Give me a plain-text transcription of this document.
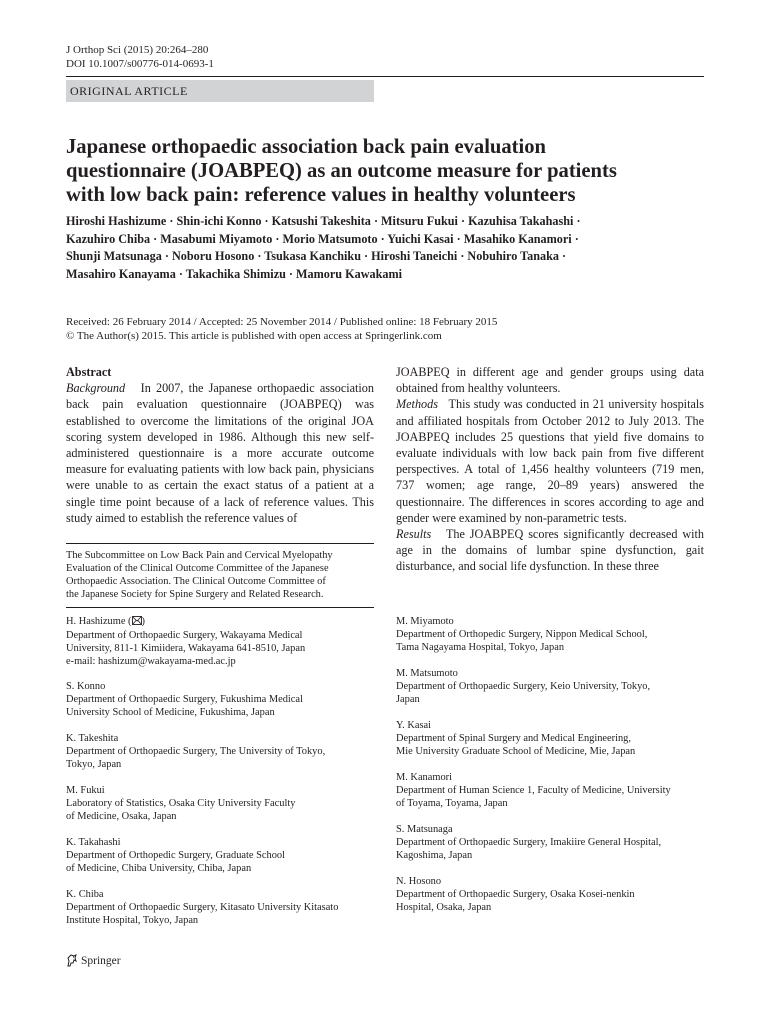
J Orthop Sci (2015) 20:264–280
DOI 10.1007/s00776-014-0693-1
ORIGINAL ARTICLE
Japanese orthopaedic association back pain evaluation
questionnaire (JOABPEQ) as an outcome measure for patients
with low back pain: reference values in healthy volunteers
Hiroshi Hashizume · Shin-ichi Konno · Katsushi Takeshita · Mitsuru Fukui · Kazuhisa Takahashi ·
Kazuhiro Chiba · Masabumi Miyamoto · Morio Matsumoto · Yuichi Kasai · Masahiko Kanamori ·
Shunji Matsunaga · Noboru Hosono · Tsukasa Kanchiku · Hiroshi Taneichi · Nobuhiro Tanaka ·
Masahiro Kanayama · Takachika Shimizu · Mamoru Kawakami
Received: 26 February 2014 / Accepted: 25 November 2014 / Published online: 18 February 2015
© The Author(s) 2015. This article is published with open access at Springerlink.com

Abstract

Background In 2007, the Japanese orthopaedic association back pain evaluation questionnaire (JOABPEQ) was established to overcome the limitations of the original JOA scoring system developed in 1986. Although this new self-administered questionnaire is a more accurate outcome measure for evaluating patients with low back pain, physicians were unable to as certain the exact status of a patient at a single time point because of a lack of reference values. This study aimed to establish the reference values of

JOABPEQ in different age and gender groups using data obtained from healthy volunteers.

Methods This study was conducted in 21 university hospitals and affiliated hospitals from October 2012 to July 2013. The JOABPEQ includes 25 questions that yield five domains to evaluate individuals with low back pain from five different perspectives. A total of 1,456 healthy volunteers (719 men, 737 women; age range, 20–89 years) answered the questionnaire. The differences in scores according to age and gender were examined by non-parametric tests.

Results The JOABPEQ scores significantly decreased with age in the domains of lumbar spine dysfunction, gait disturbance, and social life dysfunction. In these three

The Subcommittee on Low Back Pain and Cervical Myelopathy
Evaluation of the Clinical Outcome Committee of the Japanese
Orthopaedic Association. The Clinical Outcome Committee of
the Japanese Society for Spine Surgery and Related Research.
H. Hashizume ( )
Department of Orthopaedic Surgery, Wakayama Medical
University, 811-1 Kimiidera, Wakayama 641-8510, Japan
e-mail: hashizum@wakayama-med.ac.jp
S. Konno
Department of Orthopaedic Surgery, Fukushima Medical
University School of Medicine, Fukushima, Japan
K. Takeshita
Department of Orthopaedic Surgery, The University of Tokyo,
Tokyo, Japan
M. Fukui
Laboratory of Statistics, Osaka City University Faculty
of Medicine, Osaka, Japan
K. Takahashi
Department of Orthopedic Surgery, Graduate School
of Medicine, Chiba University, Chiba, Japan
K. Chiba
Department of Orthopaedic Surgery, Kitasato University Kitasato
Institute Hospital, Tokyo, Japan
M. Miyamoto
Department of Orthopedic Surgery, Nippon Medical School,
Tama Nagayama Hospital, Tokyo, Japan
M. Matsumoto
Department of Orthopaedic Surgery, Keio University, Tokyo,
Japan
Y. Kasai
Department of Spinal Surgery and Medical Engineering,
Mie University Graduate School of Medicine, Mie, Japan
M. Kanamori
Department of Human Science 1, Faculty of Medicine, University
of Toyama, Toyama, Japan
S. Matsunaga
Department of Orthopaedic Surgery, Imakiire General Hospital,
Kagoshima, Japan
N. Hosono
Department of Orthopaedic Surgery, Osaka Kosei-nenkin
Hospital, Osaka, Japan
Springer
